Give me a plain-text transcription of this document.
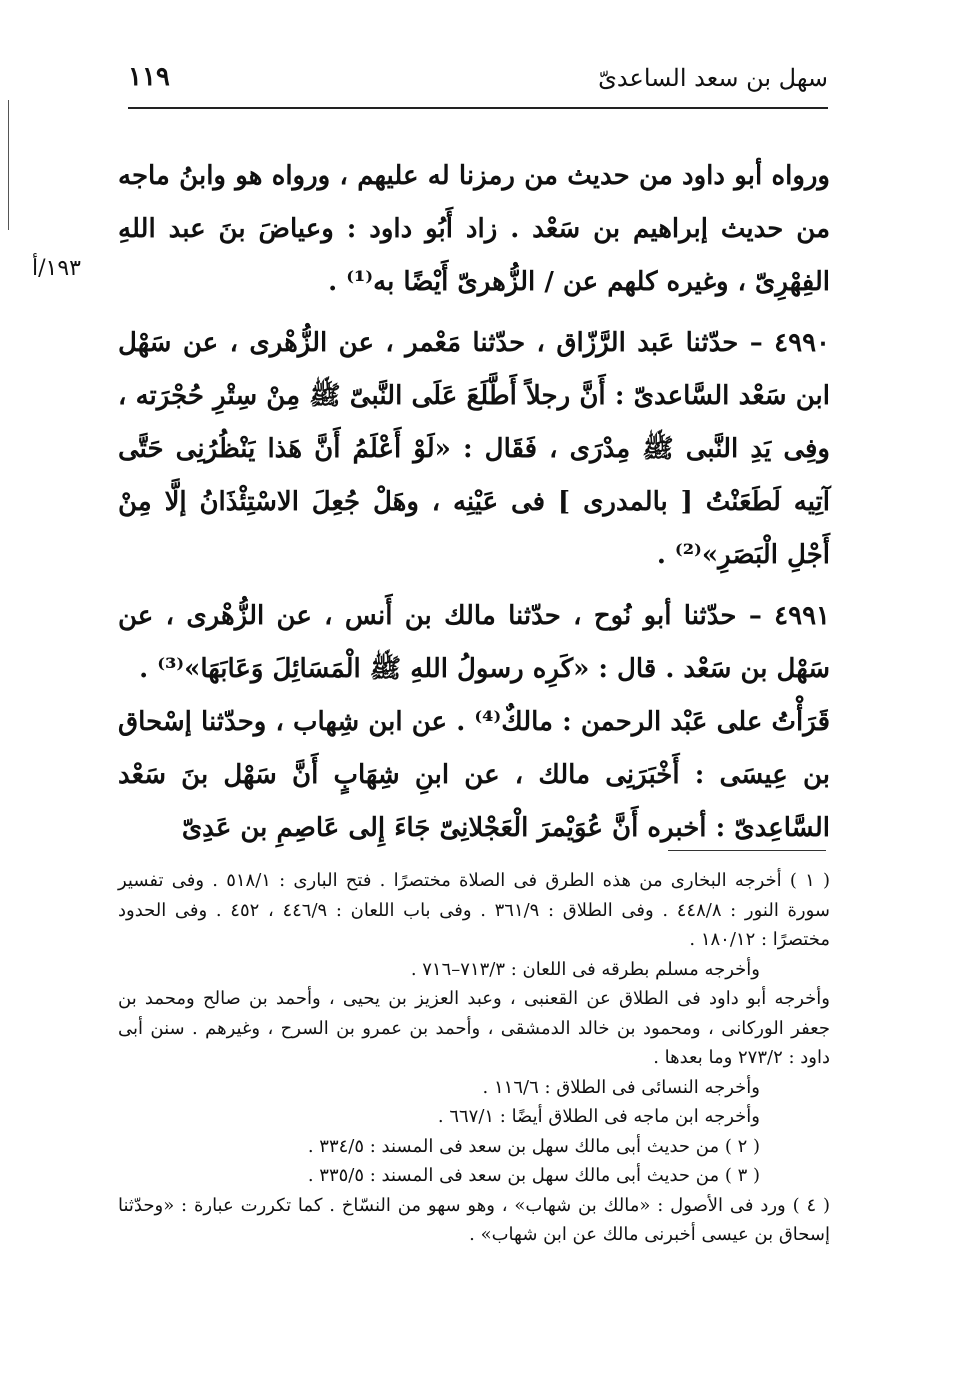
سهل بن سعد الساعدىّ
١١٩
١٩٣/أ

ورواه أبو داود من حديث من رمزنا له عليهم ، ورواه هو وابنُ ماجه من حديث إبراهيم بن سَعْد . زاد أَبُو داود : وعياضَ بنَ عبد اللهِ الفِهْرِىّ ، وغيره كلهم عن / الزُّهرىّ أَيْضًا به⁽¹⁾ .

٤٩٩٠ – حدّثنا عَبد الرَّزّاق ، حدّثنا مَعْمر ، عن الزُّهْرى ، عن سَهْل ابن سَعْد السَّاعدىّ : أَنَّ رجلاً أَطَّلَعَ عَلَى النَّبىّ ﷺ مِنْ سِتْرِ حُجْرَته ، وفِى يَدِ النَّبى ﷺ مِدْرَى ، فَقَال : «لَوْ أَعْلَمُ أَنَّ هَذا يَنْظُرُنِى حَتَّى آتِيه لَطَعَنْتُ [ بالمدرى ] فى عَيْنِه ، وهَلْ جُعِلَ الاسْتِئْذَانُ إلَّا مِنْ أَجْلِ الْبَصَرِ»⁽²⁾ .

٤٩٩١ – حدّثنا أبو نُوح ، حدّثنا مالك بن أَنس ، عن الزُّهْرى ، عن سَهْل بن سَعْد . قال : «كَرِه رسولُ اللهِ ﷺ الْمَسَائِلَ وَعَابَهَا»⁽³⁾ .

قَرَأْتُ على عَبْد الرحمن : مالكٌ⁽⁴⁾ . عن ابن شِهاب ، وحدّثنا إسْحاق بن عِيسَى : أَخْبَرَنِى مالك ، عن ابنِ شِهَابٍ أَنَّ سَهْل بنَ سَعْد السَّاعِدىّ : أخبره أَنَّ عُوَيْمرَ الْعَجْلانِىّ جَاءَ إِلى عَاصِمِ بن عَدِىّ

( ١ ) أخرجه البخارى من هذه الطرق فى الصلاة مختصرًا . فتح البارى : ٥١٨/١ . وفى تفسير سورة النور : ٤٤٨/٨ . وفى الطلاق : ٣٦١/٩ . وفى باب اللعان : ٤٤٦/٩ ، ٤٥٢ . وفى الحدود مختصرًا : ١٨٠/١٢ .

وأخرجه مسلم بطرقه فى اللعان : ٧١٣/٣–٧١٦ .

وأخرجه أبو داود فى الطلاق عن القعنبى ، وعبد العزيز بن يحيى ، وأحمد بن صالح ومحمد بن جعفر الوركانى ، ومحمود بن خالد الدمشقى ، وأحمد بن عمرو بن السرح ، وغيرهم . سنن أبى داود : ٢٧٣/٢ وما بعدها .

وأخرجه النسائى فى الطلاق : ١١٦/٦ .

وأخرجه ابن ماجه فى الطلاق أيضًا : ٦٦٧/١ .

( ٢ ) من حديث أبى مالك سهل بن سعد فى المسند : ٣٣٤/٥ .

( ٣ ) من حديث أبى مالك سهل بن سعد فى المسند : ٣٣٥/٥ .

( ٤ ) ورد فى الأصول : «مالك بن شهاب» ، وهو سهو من النسّاخ . كما تكررت عبارة : «وحدّثنا إسحاق بن عيسى أخبرنى مالك عن ابن شهاب» .
